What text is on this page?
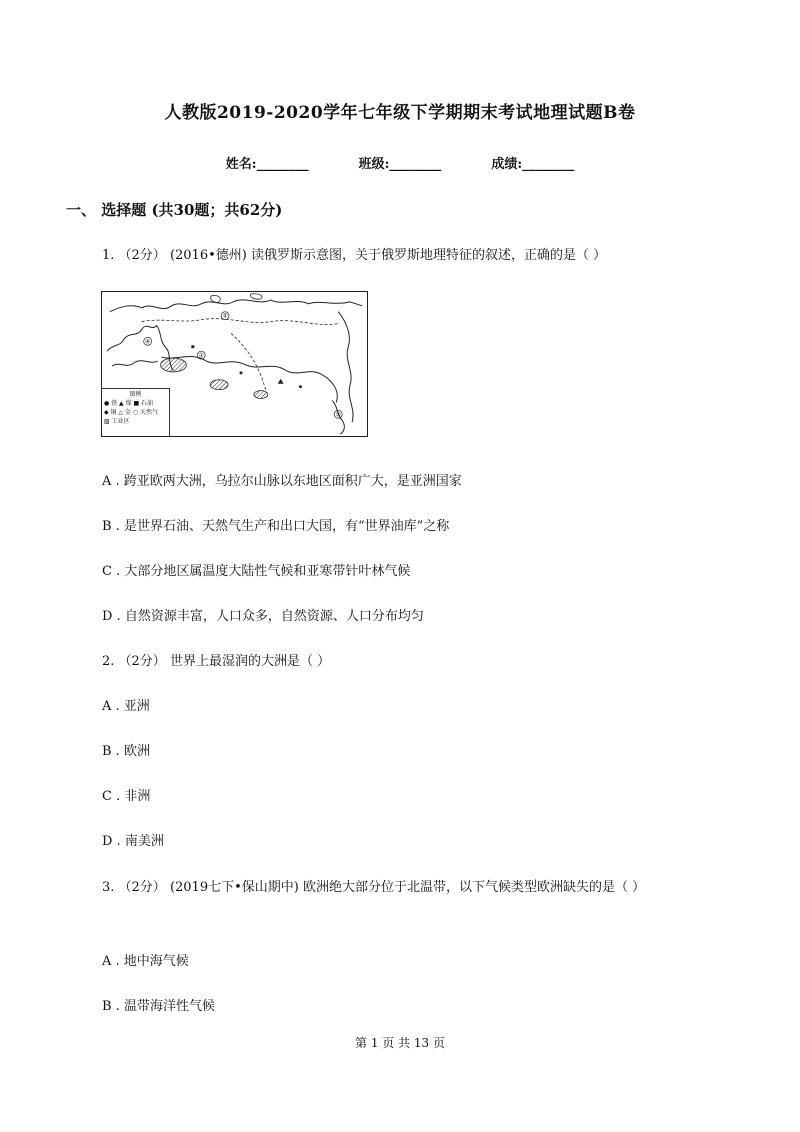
人教版2019-2020学年七年级下学期期末考试地理试题B卷
姓名:________	班级:________	成绩:________
一、 选择题 (共30题；共62分)
1. （2分） (2016•德州) 读俄罗斯示意图，关于俄罗斯地理特征的叙述，正确的是（ ）
④
①
②
③
图例
● 铁 ▲ 煤 ■ 石油
◆ 铜 △ 金 ○ 天然气
▨ 工业区
A . 跨亚欧两大洲，乌拉尔山脉以东地区面积广大，是亚洲国家
B . 是世界石油、天然气生产和出口大国，有“世界油库”之称
C . 大部分地区属温度大陆性气候和亚寒带针叶林气候
D . 自然资源丰富，人口众多，自然资源、人口分布均匀
2. （2分） 世界上最湿润的大洲是（ ）
A . 亚洲
B . 欧洲
C . 非洲
D . 南美洲
3. （2分） (2019七下•保山期中) 欧洲绝大部分位于北温带，以下气候类型欧洲缺失的是（ ）
A . 地中海气候
B . 温带海洋性气候
第 1 页 共 13 页
